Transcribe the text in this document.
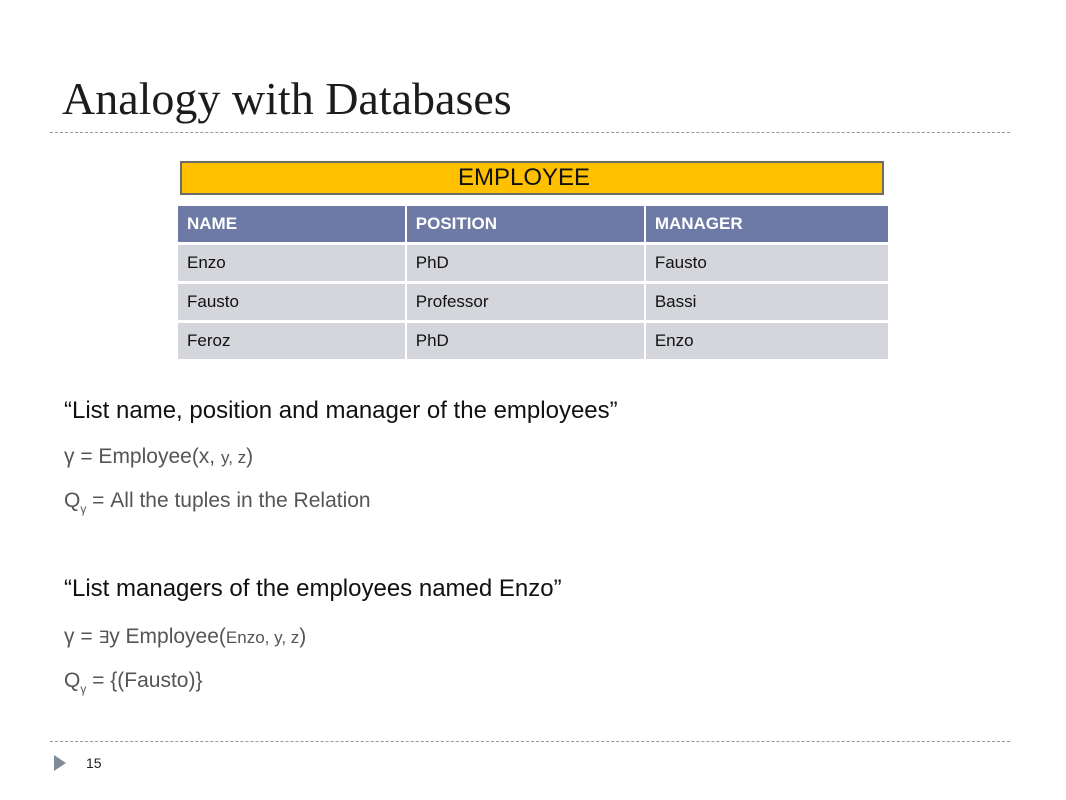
Analogy with Databases
EMPLOYEE
NAME	POSITION	MANAGER
Enzo	PhD	Fausto
Fausto	Professor	Bassi
Feroz	PhD	Enzo
“List name, position and manager of the employees”
γ = Employee(x, y, z)
$Q_\gamma$ = All the tuples in the Relation
“List managers of the employees named Enzo”
γ = ∃y Employee(Enzo, y, z)
$Q_\gamma$ = {(Fausto)}
15
